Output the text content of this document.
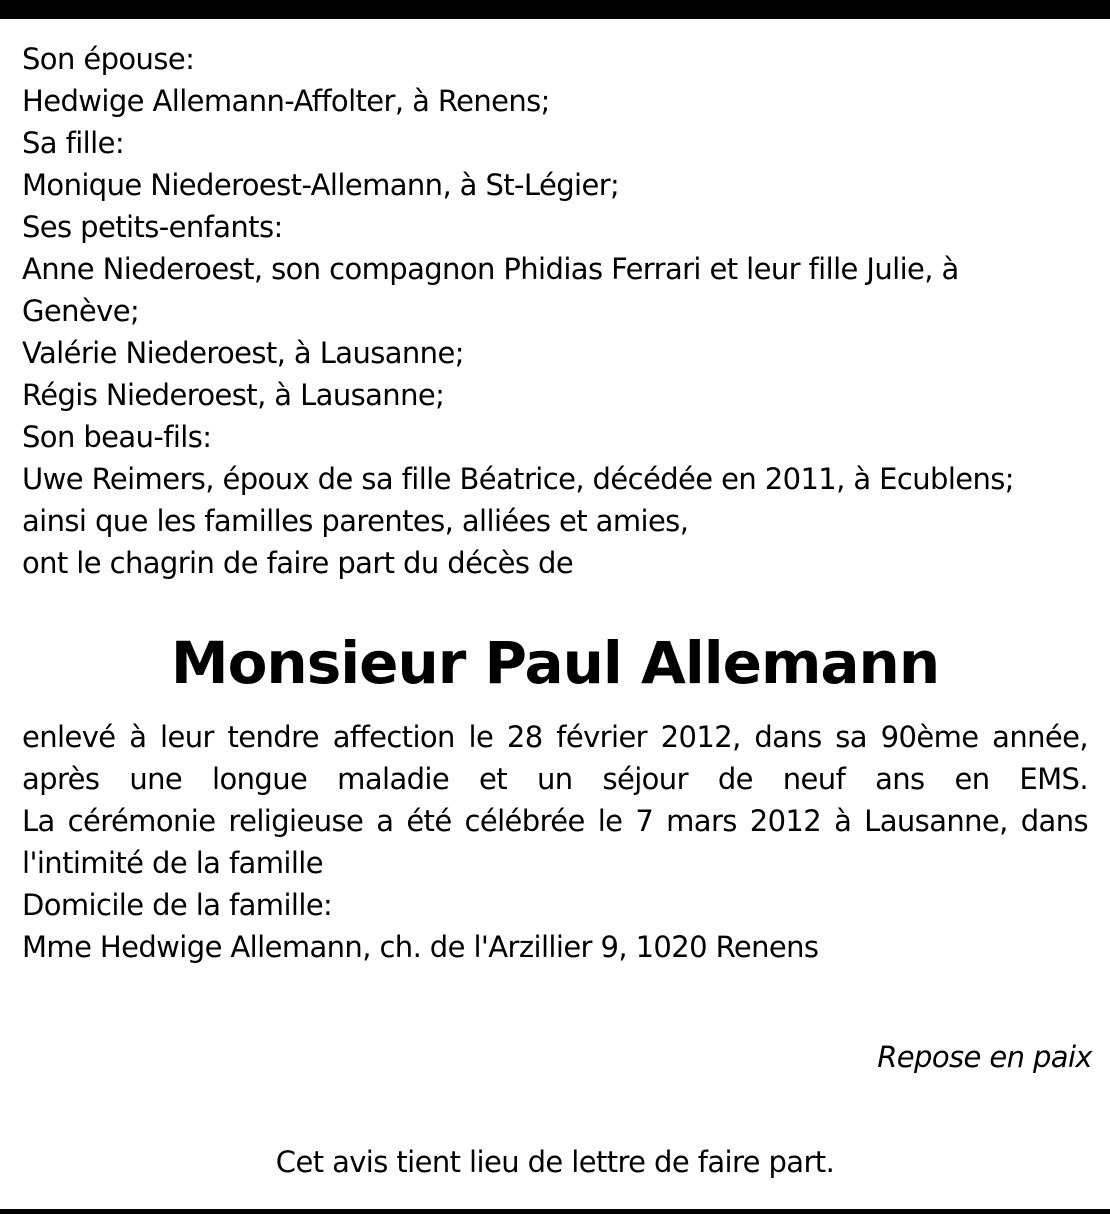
Son épouse:
Hedwige Allemann-Affolter, à Renens;
Sa fille:
Monique Niederoest-Allemann, à St-Légier;
Ses petits-enfants:
Anne Niederoest, son compagnon Phidias Ferrari et leur fille Julie, à
Genève;
Valérie Niederoest, à Lausanne;
Régis Niederoest, à Lausanne;
Son beau-fils:
Uwe Reimers, époux de sa fille Béatrice, décédée en 2011, à Ecublens;
ainsi que les familles parentes, alliées et amies,
ont le chagrin de faire part du décès de
Monsieur Paul Allemann
enlevé à leur tendre affection le 28 février 2012, dans sa 90ème année,
après une longue maladie et un séjour de neuf ans en EMS.
La cérémonie religieuse a été célébrée le 7 mars 2012 à Lausanne, dans
l'intimité de la famille
Domicile de la famille:
Mme Hedwige Allemann, ch. de l'Arzillier 9, 1020 Renens
Repose en paix
Cet avis tient lieu de lettre de faire part.
